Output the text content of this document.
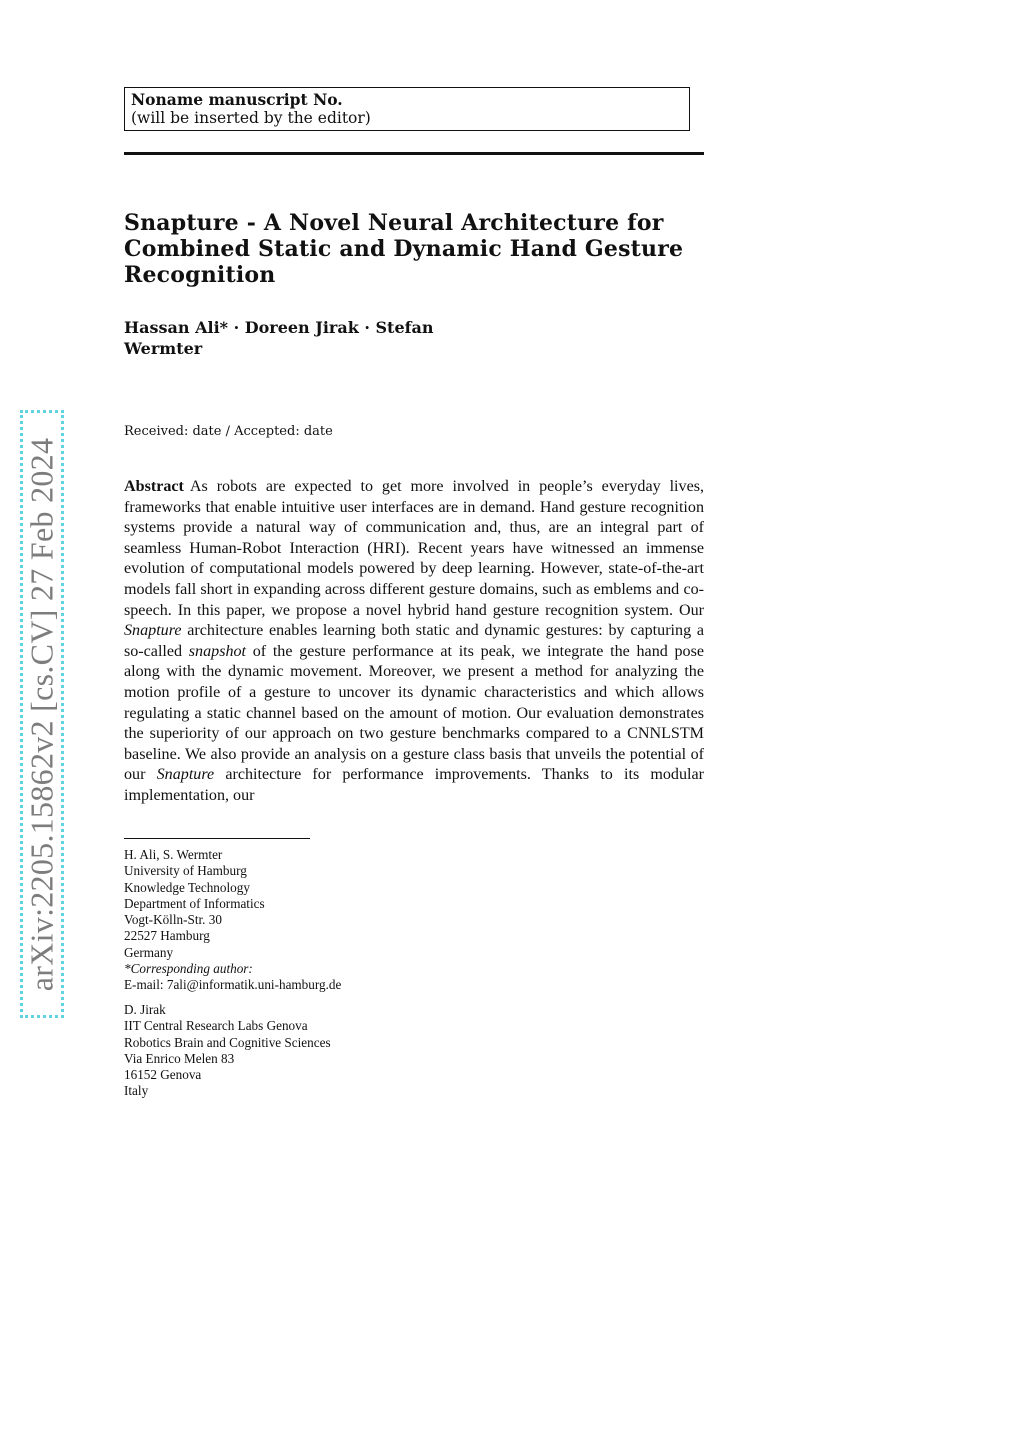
Noname manuscript No.
(will be inserted by the editor)
Snapture - A Novel Neural Architecture for
Combined Static and Dynamic Hand Gesture
Recognition
Hassan Ali* · Doreen Jirak · Stefan Wermter
Received: date / Accepted: date

Abstract As robots are expected to get more involved in people’s everyday lives, frameworks that enable intuitive user interfaces are in demand. Hand gesture recognition systems provide a natural way of communication and, thus, are an integral part of seamless Human-Robot Interaction (HRI). Recent years have witnessed an immense evolution of computational models powered by deep learning. However, state-of-the-art models fall short in expanding across different gesture domains, such as emblems and co-speech. In this paper, we propose a novel hybrid hand gesture recognition system. Our Snapture architecture enables learning both static and dynamic gestures: by capturing a so-called snapshot of the gesture performance at its peak, we integrate the hand pose along with the dynamic movement. Moreover, we present a method for analyzing the motion profile of a gesture to uncover its dynamic characteristics and which allows regulating a static channel based on the amount of motion. Our evaluation demonstrates the superiority of our approach on two gesture benchmarks compared to a CNNLSTM baseline. We also provide an analysis on a gesture class basis that unveils the potential of our Snapture architecture for performance improvements. Thanks to its modular implementation, our

H. Ali, S. Wermter
University of Hamburg
Knowledge Technology
Department of Informatics
Vogt-Kölln-Str. 30
22527 Hamburg
Germany
*Corresponding author:
E-mail: 7ali@informatik.uni-hamburg.de
D. Jirak
IIT Central Research Labs Genova
Robotics Brain and Cognitive Sciences
Via Enrico Melen 83
16152 Genova
Italy
arXiv:2205.15862v2 [cs.CV] 27 Feb 2024
